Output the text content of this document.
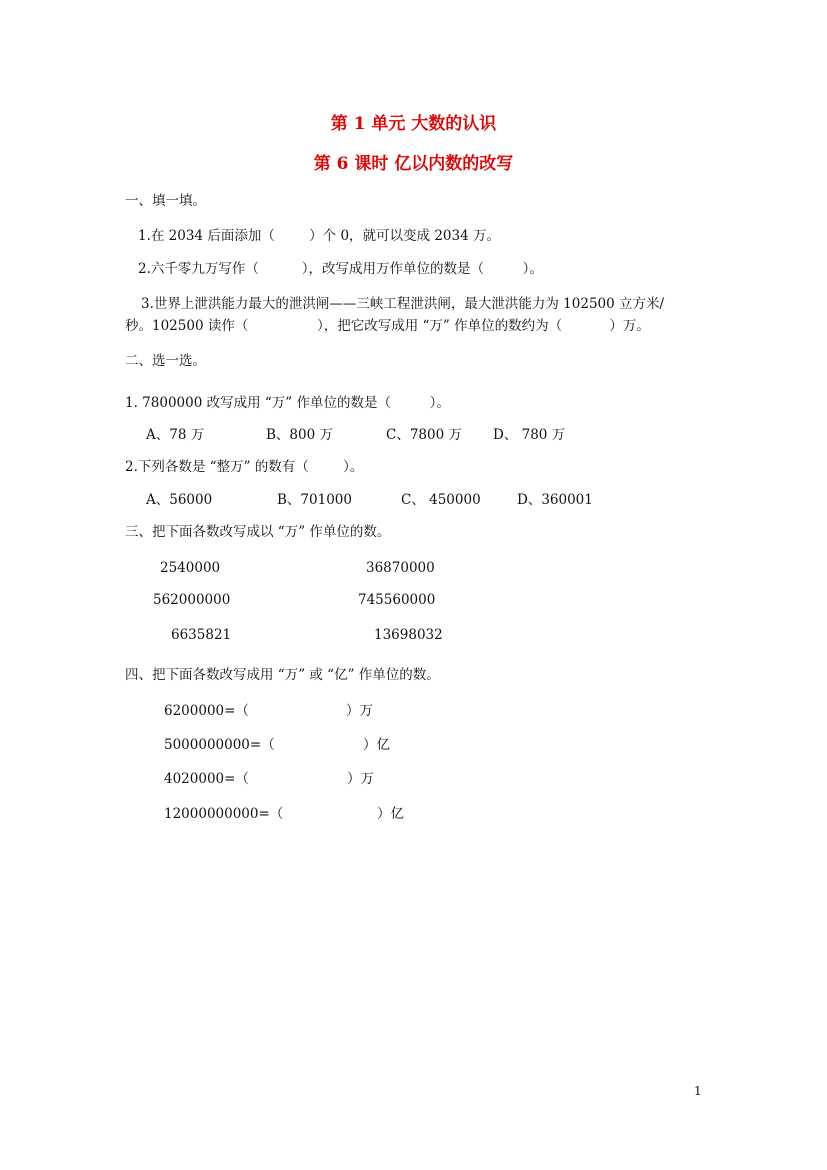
第 1 单元 大数的认识
第 6 课时 亿以内数的改写
一、填一填。
1.在 2034 后面添加（        ）个 0，就可以变成 2034 万。
2.六千零九万写作（          ），改写成用万作单位的数是（         ）。
3.世界上泄洪能力最大的泄洪闸——三峡工程泄洪闸，最大泄洪能力为 102500 立方米/
秒。102500 读作（                ），把它改写成用 “万” 作单位的数约为（           ）万。
二、选一选。
1. 7800000 改写成用 “万” 作单位的数是（         ）。
A、78 万	B、800 万	C、7800 万 D、 780 万
2.下列各数是 “整万” 的数有（        ）。
A、56000	B、701000	C、 450000	D、360001
三、把下面各数改写成以 “万” 作单位的数。
2540000	36870000
562000000	745560000
6635821	13698032
四、把下面各数改写成用 “万” 或 “亿” 作单位的数。
6200000=（	）万
5000000000=（	）亿
4020000=（	）万
12000000000=（	）亿
1
